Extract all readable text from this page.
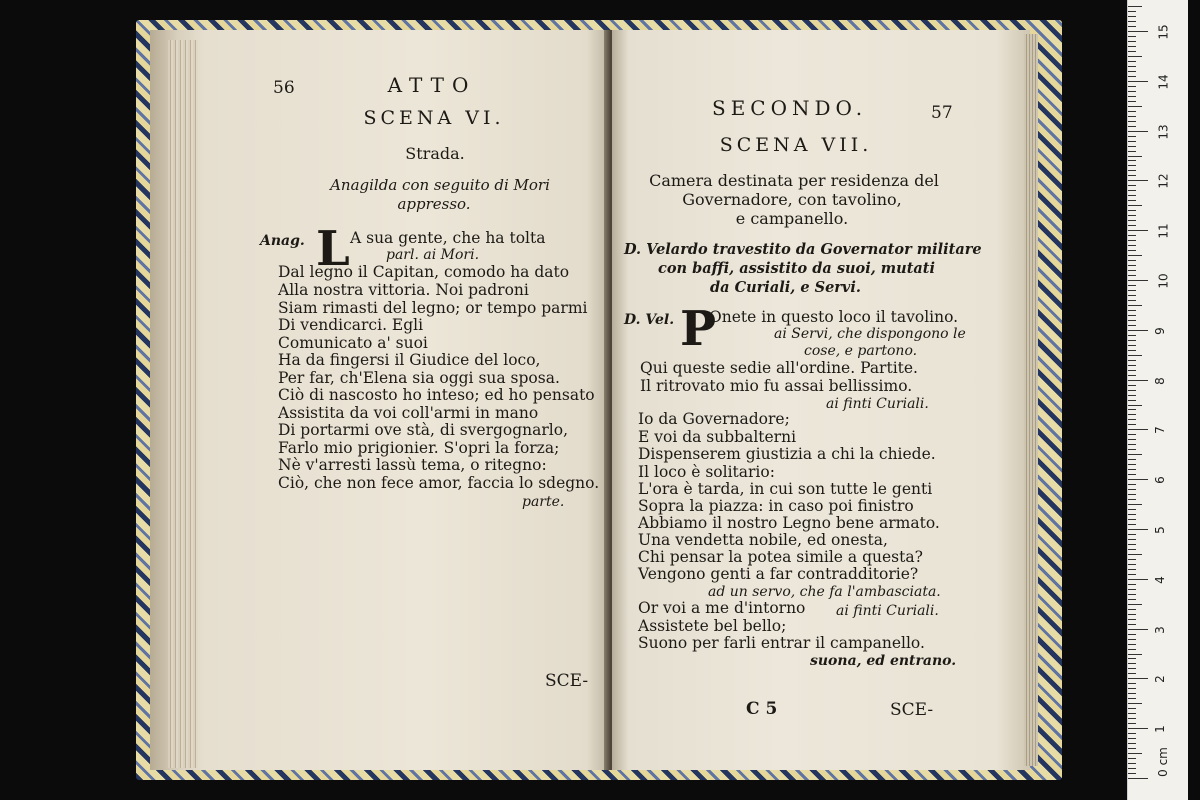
56	ATTO
SCENA VI.
Strada.
Anagilda con seguito di Mori
appresso.
Anag. L A sua gente, che ha tolta
parl. ai Mori.
Dal legno il Capitan, comodo ha dato
Alla nostra vittoria. Noi padroni
Siam rimasti del legno; or tempo parmi
Di vendicarci. Egli
Comunicato a' suoi
Ha da fingersi il Giudice del loco,
Per far, ch'Elena sia oggi sua sposa.
Ciò di nascosto ho inteso; ed ho pensato
Assistita da voi coll'armi in mano
Di portarmi ove stà, di svergognarlo,
Farlo mio prigionier. S'opri la forza;
Nè v'arresti lassù tema, o ritegno:
Ciò, che non fece amor, faccia lo sdegno.
parte.
SCE-
SECONDO.	57
SCENA VII.
Camera destinata per residenza del
Governadore, con tavolino,
e campanello.
D. Velardo travestito da Governator militare
con baffi, assistito da suoi, mutati
da Curiali, e Servi.
D. Vel. P
Onete in questo loco il tavolino.
ai Servi, che dispongono le
cose, e partono.
Qui queste sedie all'ordine. Partite.
Il ritrovato mio fu assai bellissimo.
ai finti Curiali.
Io da Governadore;
E voi da subbalterni
Dispenserem giustizia a chi la chiede.
Il loco è solitario:
L'ora è tarda, in cui son tutte le genti
Sopra la piazza: in caso poi finistro
Abbiamo il nostro Legno bene armato.
Una vendetta nobile, ed onesta,
Chi pensar la potea simile a questa?
Vengono genti a far contradditorie?
ad un servo, che fa l'ambasciata.
Or voi a me d'intorno ai finti Curiali.
Assistete bel bello;
Suono per farli entrar il campanello.
suona, ed entrano.
C 5	SCE-
0 cm
1
2
3
4
5
6
7
8
9
10
11
12
13
14
15
